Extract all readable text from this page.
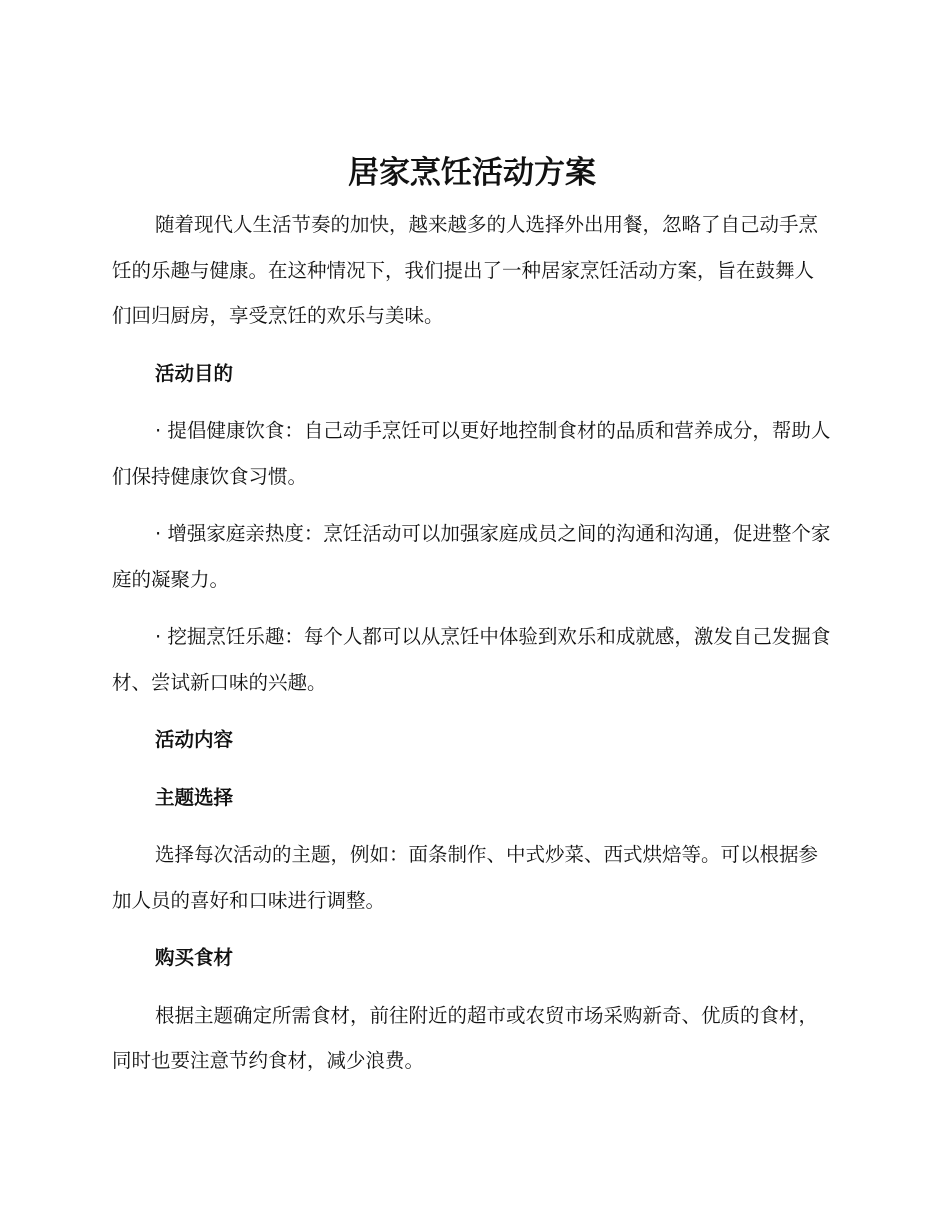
居家烹饪活动方案

随着现代人生活节奏的加快，越来越多的人选择外出用餐，忽略了自己动手烹饪的乐趣与健康。在这种情况下，我们提出了一种居家烹饪活动方案，旨在鼓舞人们回归厨房，享受烹饪的欢乐与美味。

活动目的

· 提倡健康饮食：自己动手烹饪可以更好地控制食材的品质和营养成分，帮助人们保持健康饮食习惯。

· 增强家庭亲热度：烹饪活动可以加强家庭成员之间的沟通和沟通，促进整个家庭的凝聚力。

· 挖掘烹饪乐趣：每个人都可以从烹饪中体验到欢乐和成就感，激发自己发掘食材、尝试新口味的兴趣。

活动内容

主题选择

选择每次活动的主题，例如：面条制作、中式炒菜、西式烘焙等。可以根据参加人员的喜好和口味进行调整。

购买食材

根据主题确定所需食材，前往附近的超市或农贸市场采购新奇、优质的食材，同时也要注意节约食材，减少浪费。
